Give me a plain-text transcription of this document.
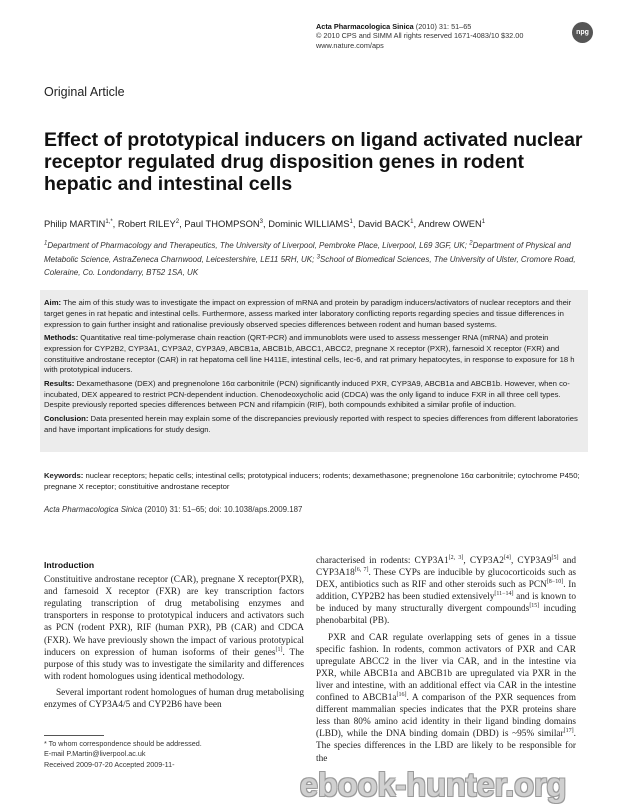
Acta Pharmacologica Sinica (2010) 31: 51–65
© 2010 CPS and SIMM All rights reserved 1671-4083/10 $32.00
www.nature.com/aps
npg
Original Article
Effect of prototypical inducers on ligand activated nuclear receptor regulated drug disposition genes in rodent hepatic and intestinal cells
Philip $MARTIN^{1,*}$, Robert RILEY$^2$, Paul THOMPSON$^3$, Dominic WILLIAMS$^1$, David BACK$^1$, Andrew OWEN$^1$
$^1$Department of Pharmacology and Therapeutics, The University of Liverpool, Pembroke Place, Liverpool, L69 3GF, UK; $^2$Department of Physical and Metabolic Science, AstraZeneca Charnwood, Leicestershire, LE11 5RH, UK; $^3$School of Biomedical Sciences, The University of Ulster, Cromore Road, Coleraine, Co. Londondarry, BT52 1SA, UK

Aim: The aim of this study was to investigate the impact on expression of mRNA and protein by paradigm inducers/activators of nuclear receptors and their target genes in rat hepatic and intestinal cells. Furthermore, assess marked inter laboratory conflicting reports regarding species and tissue differences in expression to gain further insight and rationalise previously observed species differences between rodent and human based systems.

Methods: Quantitative real time-polymerase chain reaction (QRT-PCR) and immunoblots were used to assess messenger RNA (mRNA) and protein expression for CYP2B2, CYP3A1, CYP3A2, CYP3A9, ABCB1a, ABCB1b, ABCC1, ABCC2, pregnane X receptor (PXR), farnesoid X receptor (FXR) and constituitive androstane receptor (CAR) in rat hepatoma cell line H411E, intestinal cells, Iec-6, and rat primary hepatocytes, in response to exposure for 18 h with prototypical inducers.

Results: Dexamethasone (DEX) and pregnenolone 16α carbonitrile (PCN) significantly induced PXR, CYP3A9, ABCB1a and ABCB1b. However, when co-incubated, DEX appeared to restrict PCN-dependent induction. Chenodeoxycholic acid (CDCA) was the only ligand to induce FXR in all three cell types. Despite previously reported species differences between PCN and rifampicin (RIF), both compounds exhibited a similar profile of induction.

Conclusion: Data presented herein may explain some of the discrepancies previously reported with respect to species differences from different laboratories and have important implications for study design.

Keywords: nuclear receptors; hepatic cells; intestinal cells; prototypical inducers; rodents; dexamethasone; pregnenolone 16α carbonitrile; cytochrome P450; pregnane X receptor; constituitive androstane receptor
Acta Pharmacologica Sinica (2010) 31: 51–65; doi: 10.1038/aps.2009.187
Introduction

Constituitive androstane receptor (CAR), pregnane X receptor(PXR), and farnesoid X receptor (FXR) are key transcription factors regulating transcription of drug metabolising enzymes and transporters in response to prototypical inducers and activators such as PCN (rodent PXR), RIF (human PXR), PB (CAR) and CDCA (FXR). We have previously shown the impact of various prototypical inducers on expression of human isoforms of their genes[1]. The purpose of this study was to investigate the similarity and differences with rodent homologues using identical methodology.

Several important rodent homologues of human drug metabolising enzymes of CYP3A4/5 and CYP2B6 have been

characterised in rodents: CYP3A1[2, 3], CYP3A2[4], CYP3A9[5] and CYP3A18[6, 7]. These CYPs are inducible by glucocorticoids such as DEX, antibiotics such as RIF and other steroids such as PCN[8−10]. In addition, CYP2B2 has been studied extensively[11−14] and is known to be induced by many structurally divergent compounds[15] incuding phenobarbital (PB).

PXR and CAR regulate overlapping sets of genes in a tissue specific fashion. In rodents, common activators of PXR and CAR upregulate ABCC2 in the liver via CAR, and in the intestine via PXR, while ABCB1a and ABCB1b are upregulated via PXR in the liver and intestine, with an additional effect via CAR in the intestine confined to ABCB1a[16]. A comparison of the PXR sequences from different mammalian species indicates that the PXR proteins share less than 80% amino acid identity in their ligand binding domains (LBD), while the DNA binding domain (DBD) is ~95% similar[17]. The species differences in the LBD are likely to be responsible for the

* To whom correspondence should be addressed.
E-mail P.Martin@liverpool.ac.uk
Received 2009-07-20 Accepted 2009-11-
ebook-hunter.org
